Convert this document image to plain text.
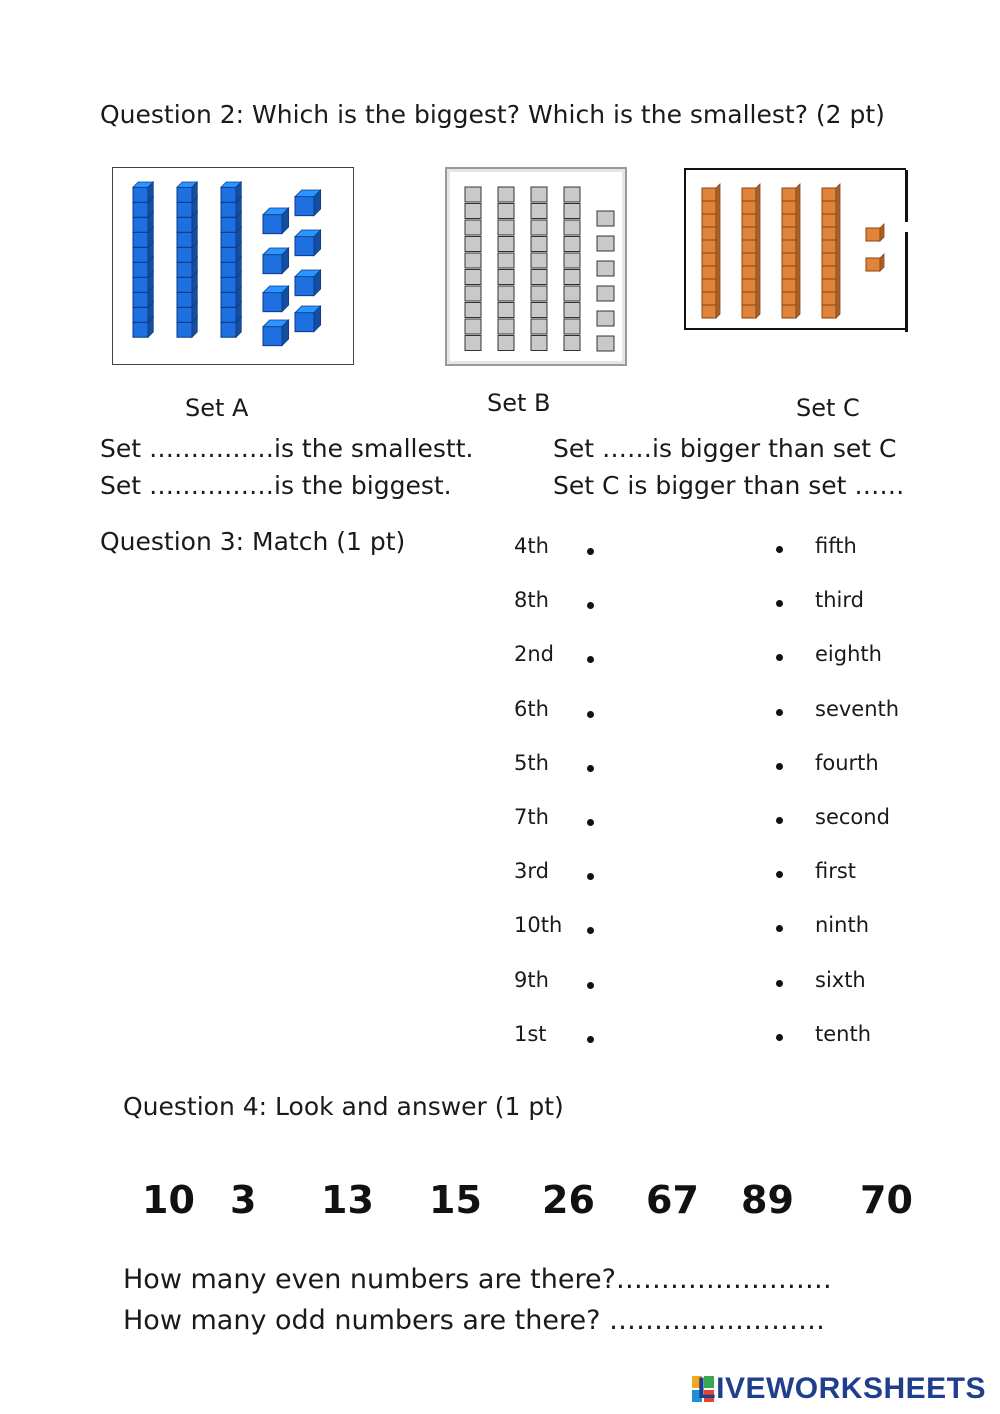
Question 2: Which is the biggest? Which is the smallest? (2 pt)
Set A	Set B	Set C
Set ……………is the smallestt.
Set ……………is the biggest.
Set ……is bigger than set C
Set C is bigger than set ……
Question 3: Match (1 pt)	4th	fifth
8th	third
2nd	eighth
6th	seventh
5th	fourth
7th	second
3rd	first
10th	ninth
9th	sixth
1st	tenth
Question 4: Look and answer (1 pt)
10 3 13 15 26 67 89 70
How many even numbers are there?……………………
How many odd numbers are there? ……………………
LIVEWORKSHEETS
